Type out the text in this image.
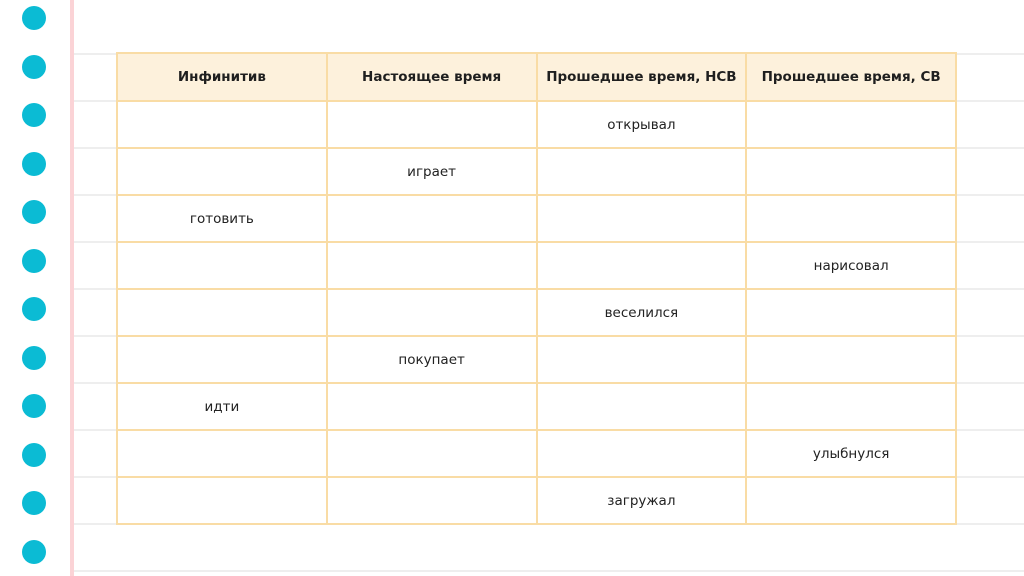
Инфинитив	Настоящее время	Прошедшее время, НСВ	Прошедшее время, СВ
		открывал	
	играет		
готовить			
			нарисовал
		веселился	
	покупает		
идти			
			улыбнулся
		загружал	
